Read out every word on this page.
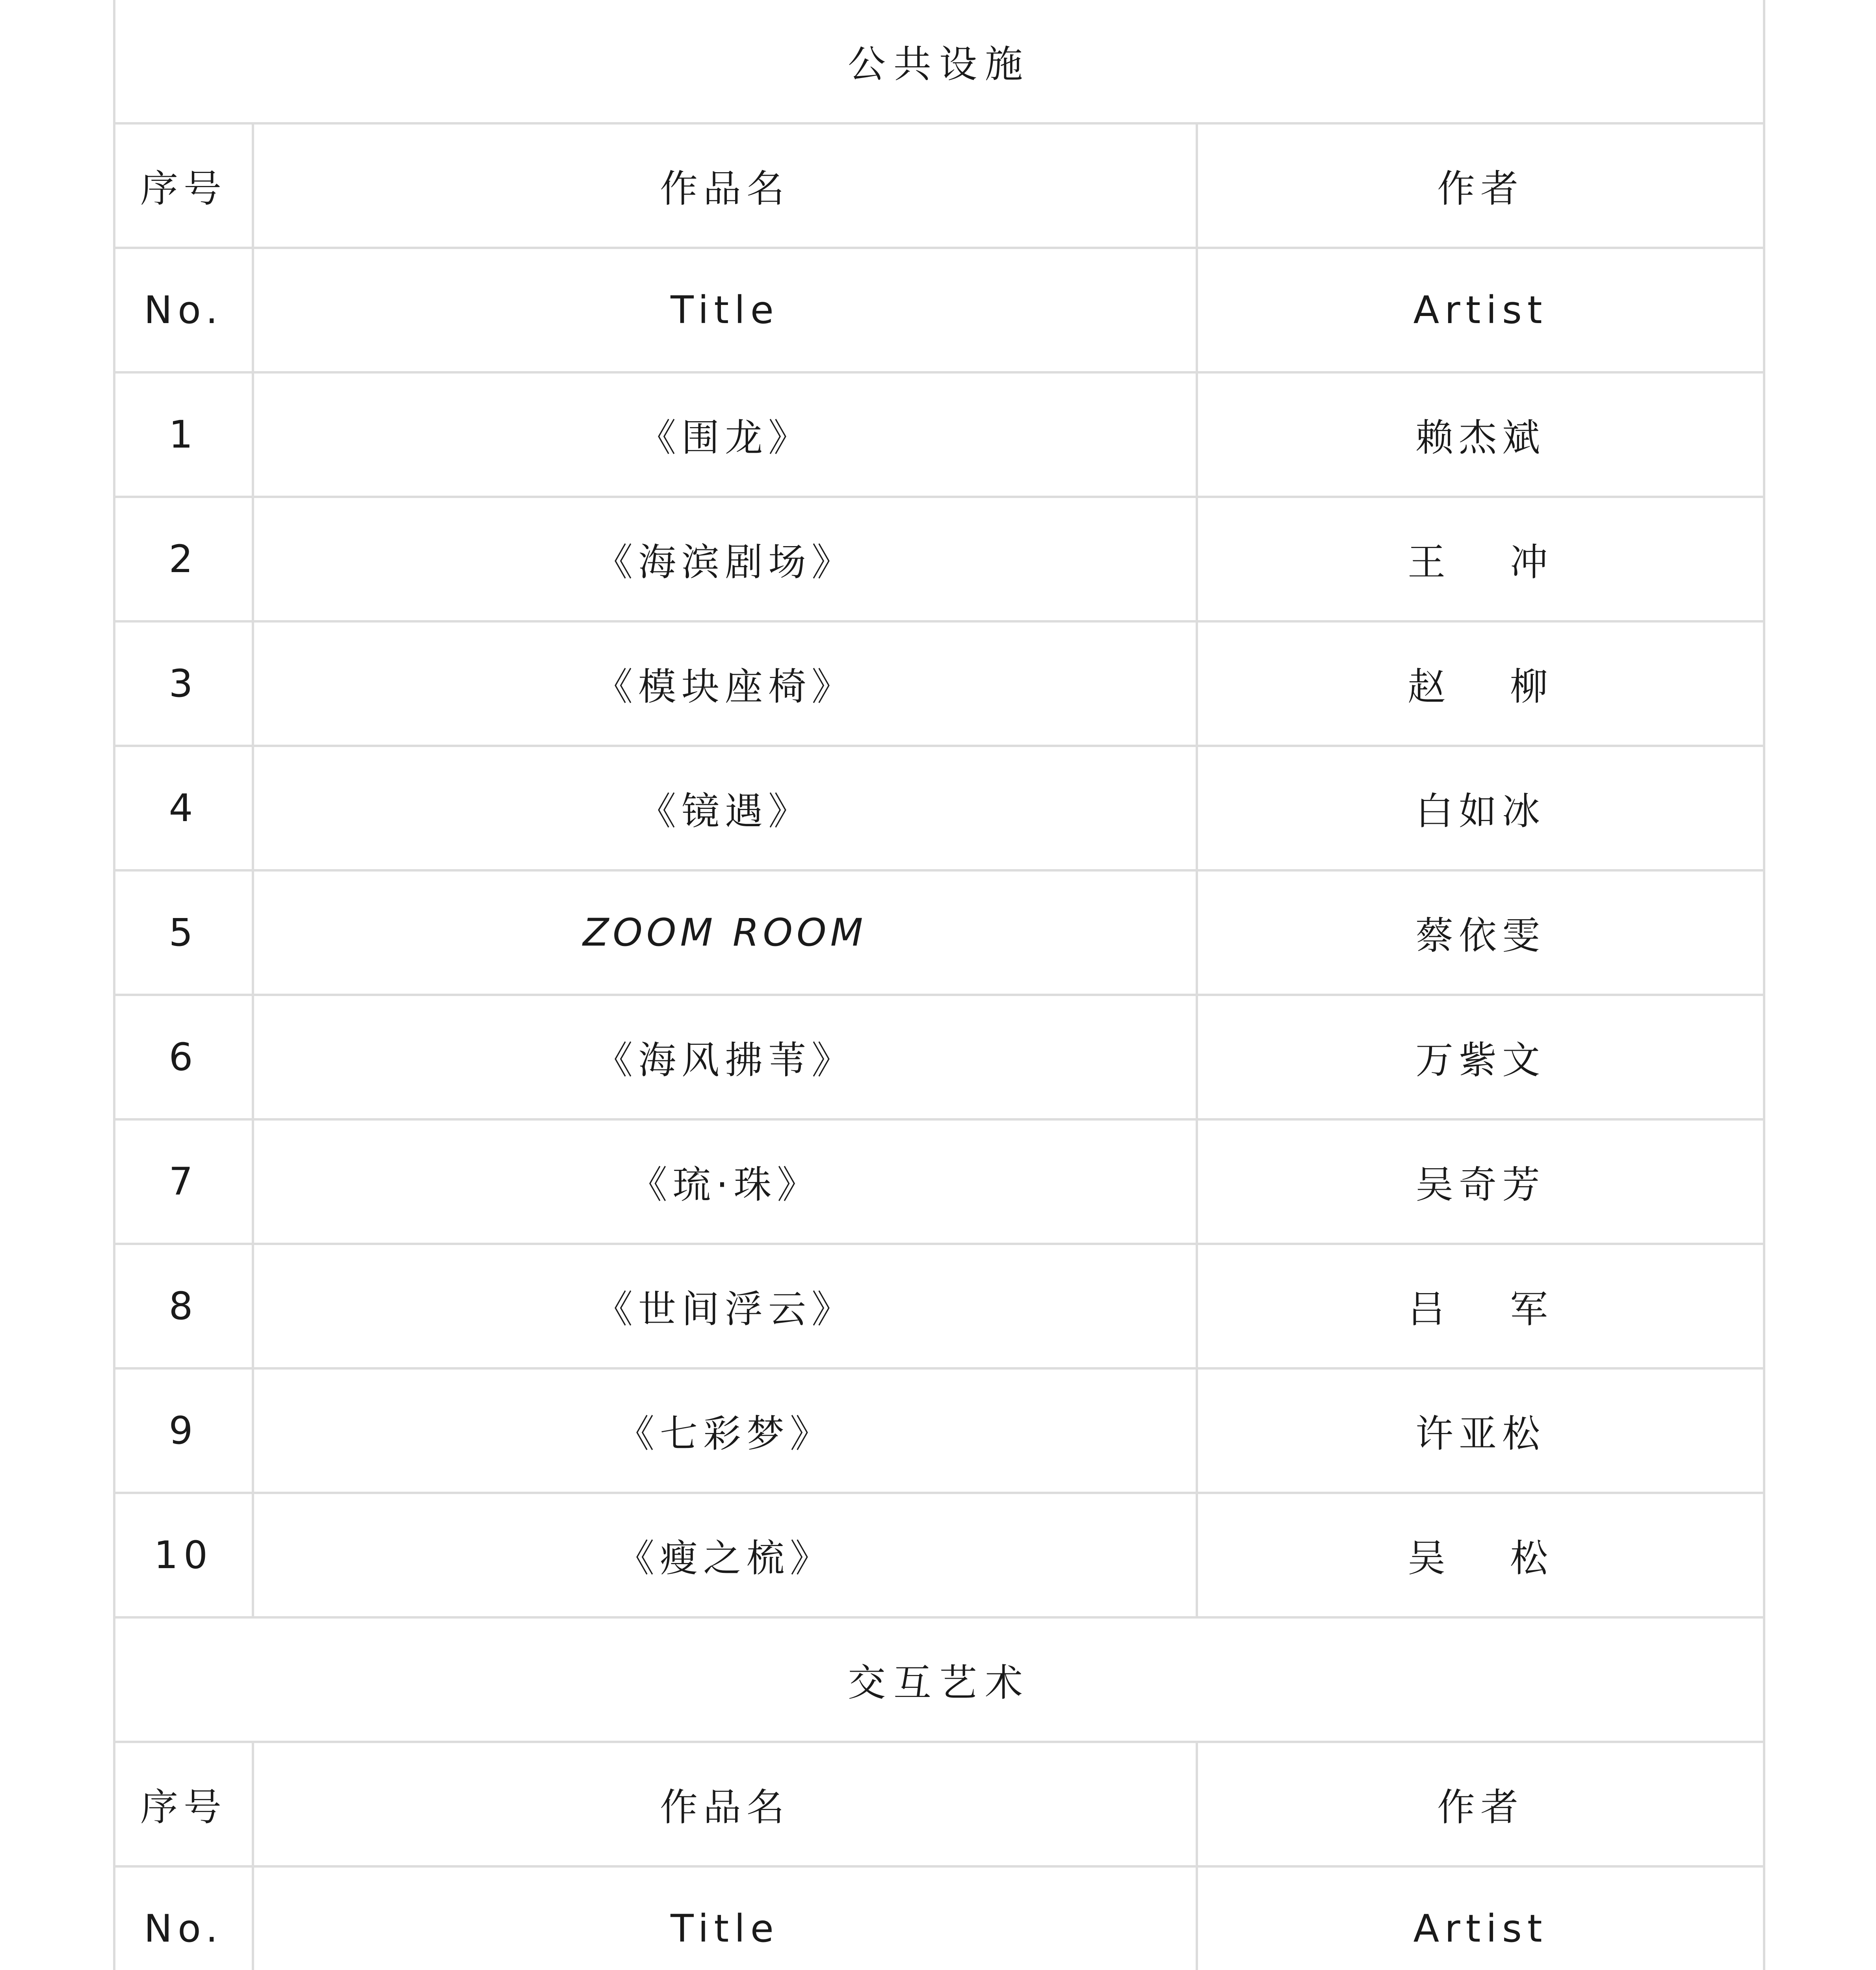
公共设施		
序号	作品名	作者
No.	Title	Artist
1	《围龙》	赖杰斌
2	《海滨剧场》	王 冲
3	《模块座椅》	赵 柳
4	《镜遇》	白如冰
5	ZOOM ROOM	蔡依雯
6	《海风拂苇》	万紫文
7	《琉·珠》	吴奇芳
8	《世间浮云》	吕 军
9	《七彩梦》	许亚松
10	《瘦之梳》	吴 松
交互艺术		
序号	作品名	作者
No.	Title	Artist
